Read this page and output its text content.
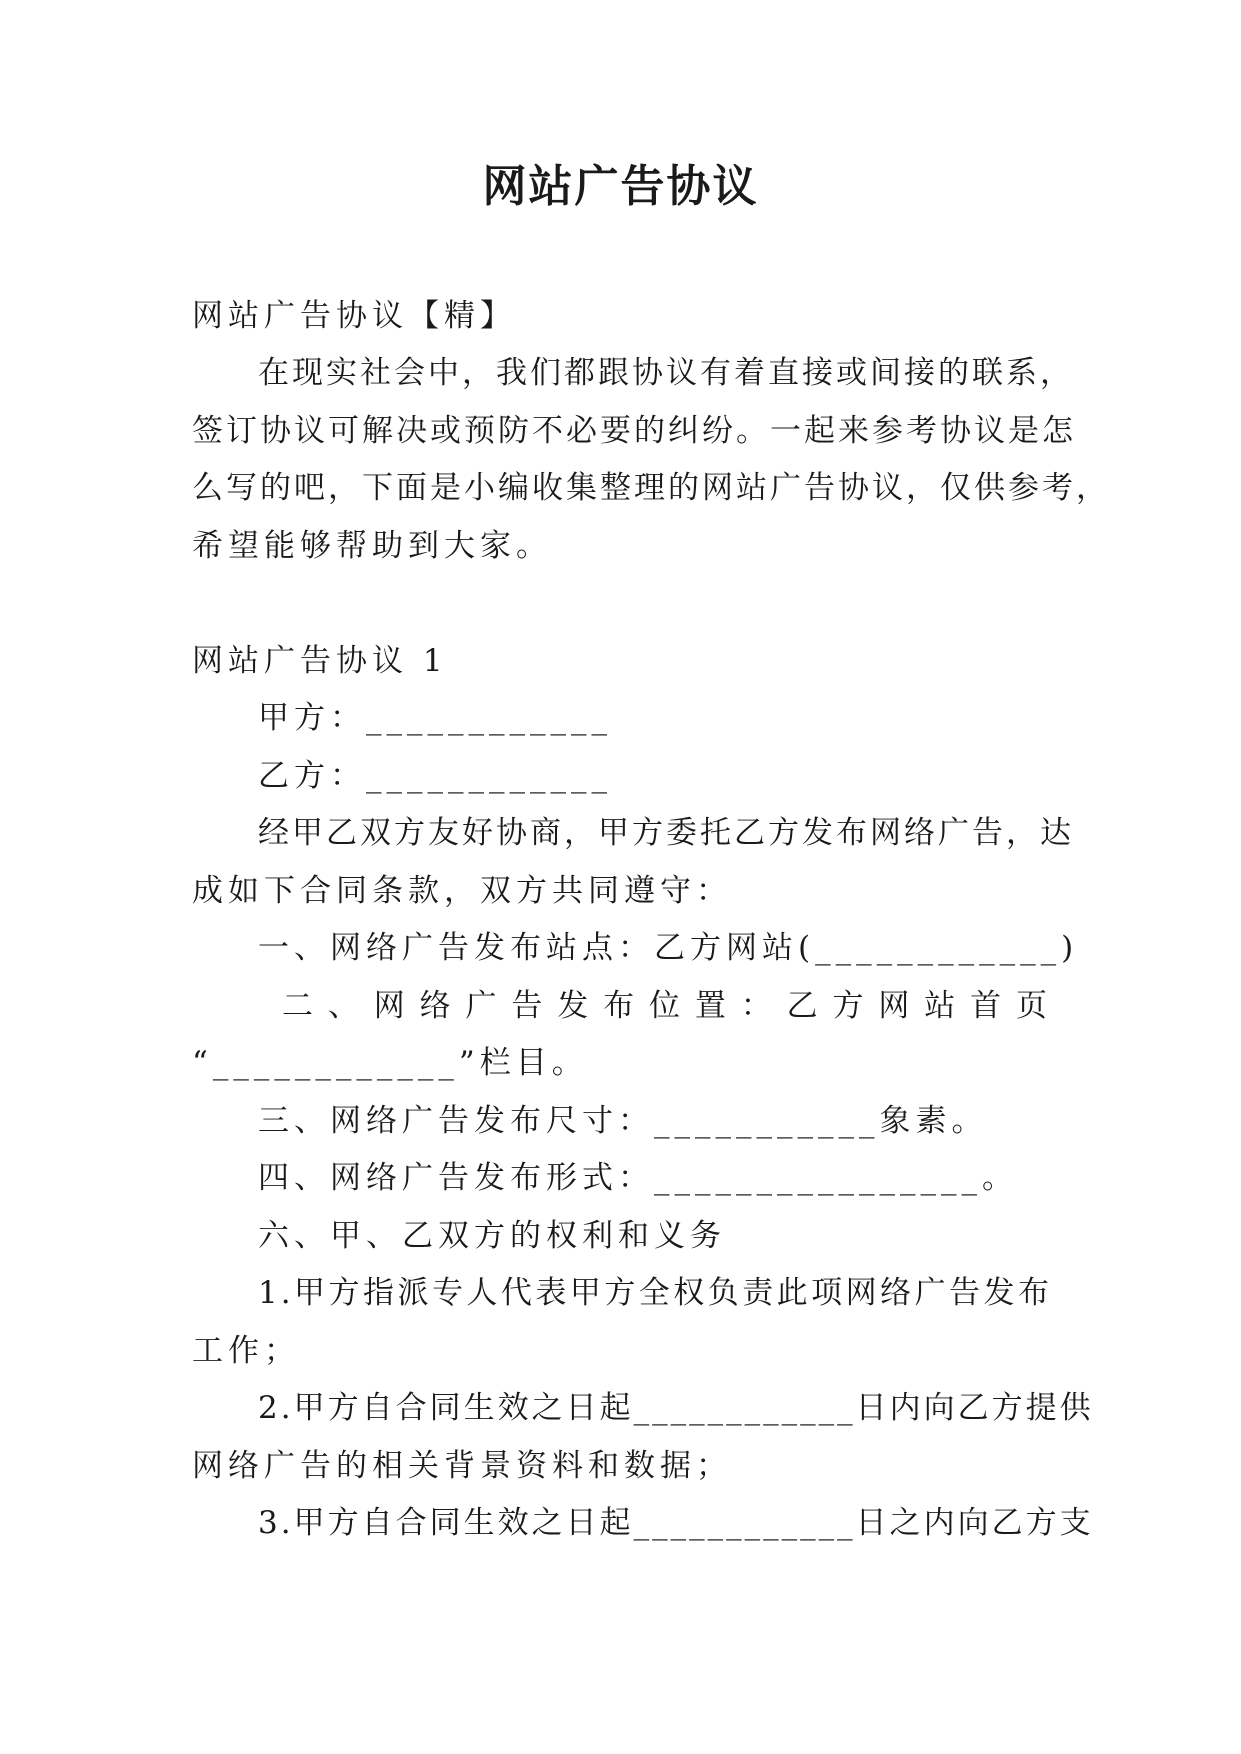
网站广告协议
网站广告协议【精】
在现实社会中，我们都跟协议有着直接或间接的联系，
签订协议可解决或预防不必要的纠纷。一起来参考协议是怎
么写的吧，下面是小编收集整理的网站广告协议，仅供参考，
希望能够帮助到大家。
网站广告协议 1
甲方：____________
乙方：____________
经甲乙双方友好协商，甲方委托乙方发布网络广告，达
成如下合同条款，双方共同遵守：
一、网络广告发布站点：乙方网站(____________)
二、网络广告发布位置：乙方网站首页
“____________”栏目。
三、网络广告发布尺寸：___________象素。
四、网络广告发布形式：________________。
六、甲、乙双方的权利和义务
1.甲方指派专人代表甲方全权负责此项网络广告发布
工作；
2.甲方自合同生效之日起____________日内向乙方提供
网络广告的相关背景资料和数据；
3.甲方自合同生效之日起____________日之内向乙方支
